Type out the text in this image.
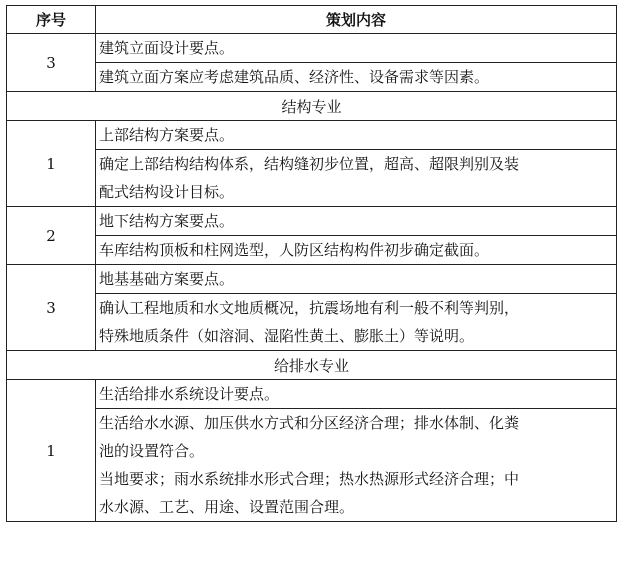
序号	策划内容
3	建筑立面设计要点。

	建筑立面方案应考虑建筑品质、经济性、设备需求等因素。

结构专业	
1	上部结构方案要点。

	确定上部结构结构体系，结构缝初步位置，超高、超限判别及装
配式结构设计目标。

2	地下结构方案要点。

	车库结构顶板和柱网选型，人防区结构构件初步确定截面。

3	地基基础方案要点。

	确认工程地质和水文地质概况，抗震场地有利一般不利等判别，
特殊地质条件（如溶洞、湿陷性黄土、膨胀土）等说明。

给排水专业	
1	生活给排水系统设计要点。

	生活给水水源、加压供水方式和分区经济合理；排水体制、化粪
池的设置符合。
当地要求；雨水系统排水形式合理；热水热源形式经济合理；中
水水源、工艺、用途、设置范围合理。
